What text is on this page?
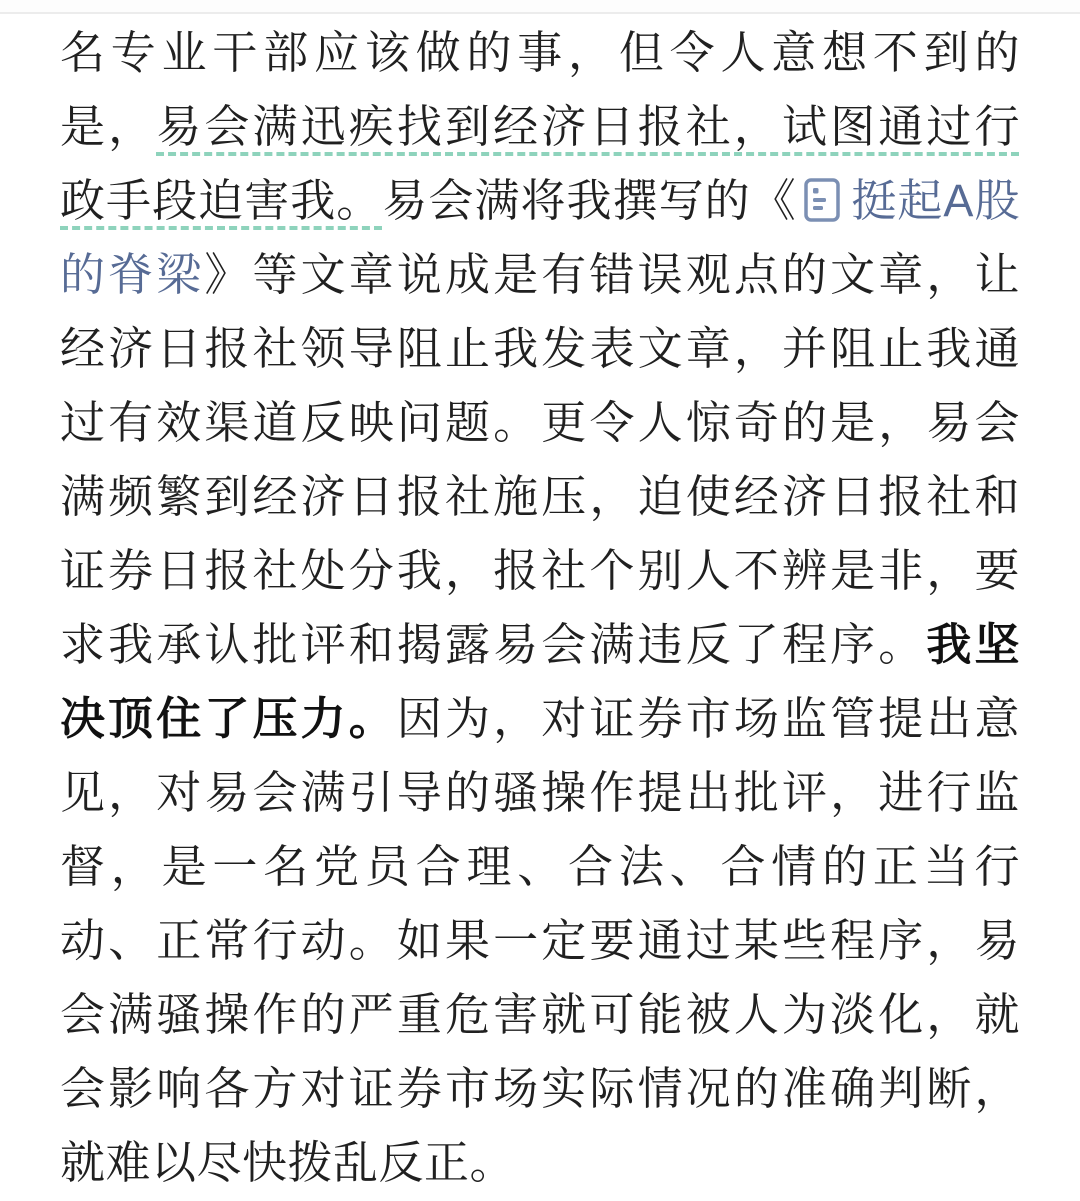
名专业干部应该做的事，但令人意想不到的
是，易会满迅疾找到经济日报社，试图通过行
政手段迫害我。易会满将我撰写的《 挺起A股
的脊梁》等文章说成是有错误观点的文章，让
经济日报社领导阻止我发表文章，并阻止我通
过有效渠道反映问题。更令人惊奇的是，易会
满频繁到经济日报社施压，迫使经济日报社和
证券日报社处分我，报社个别人不辨是非，要
求我承认批评和揭露易会满违反了程序。我坚
决顶住了压力。因为，对证券市场监管提出意
见，对易会满引导的骚操作提出批评，进行监
督，是一名党员合理、合法、合情的正当行
动、正常行动。如果一定要通过某些程序，易
会满骚操作的严重危害就可能被人为淡化，就
会影响各方对证券市场实际情况的准确判断，
就难以尽快拨乱反正。
